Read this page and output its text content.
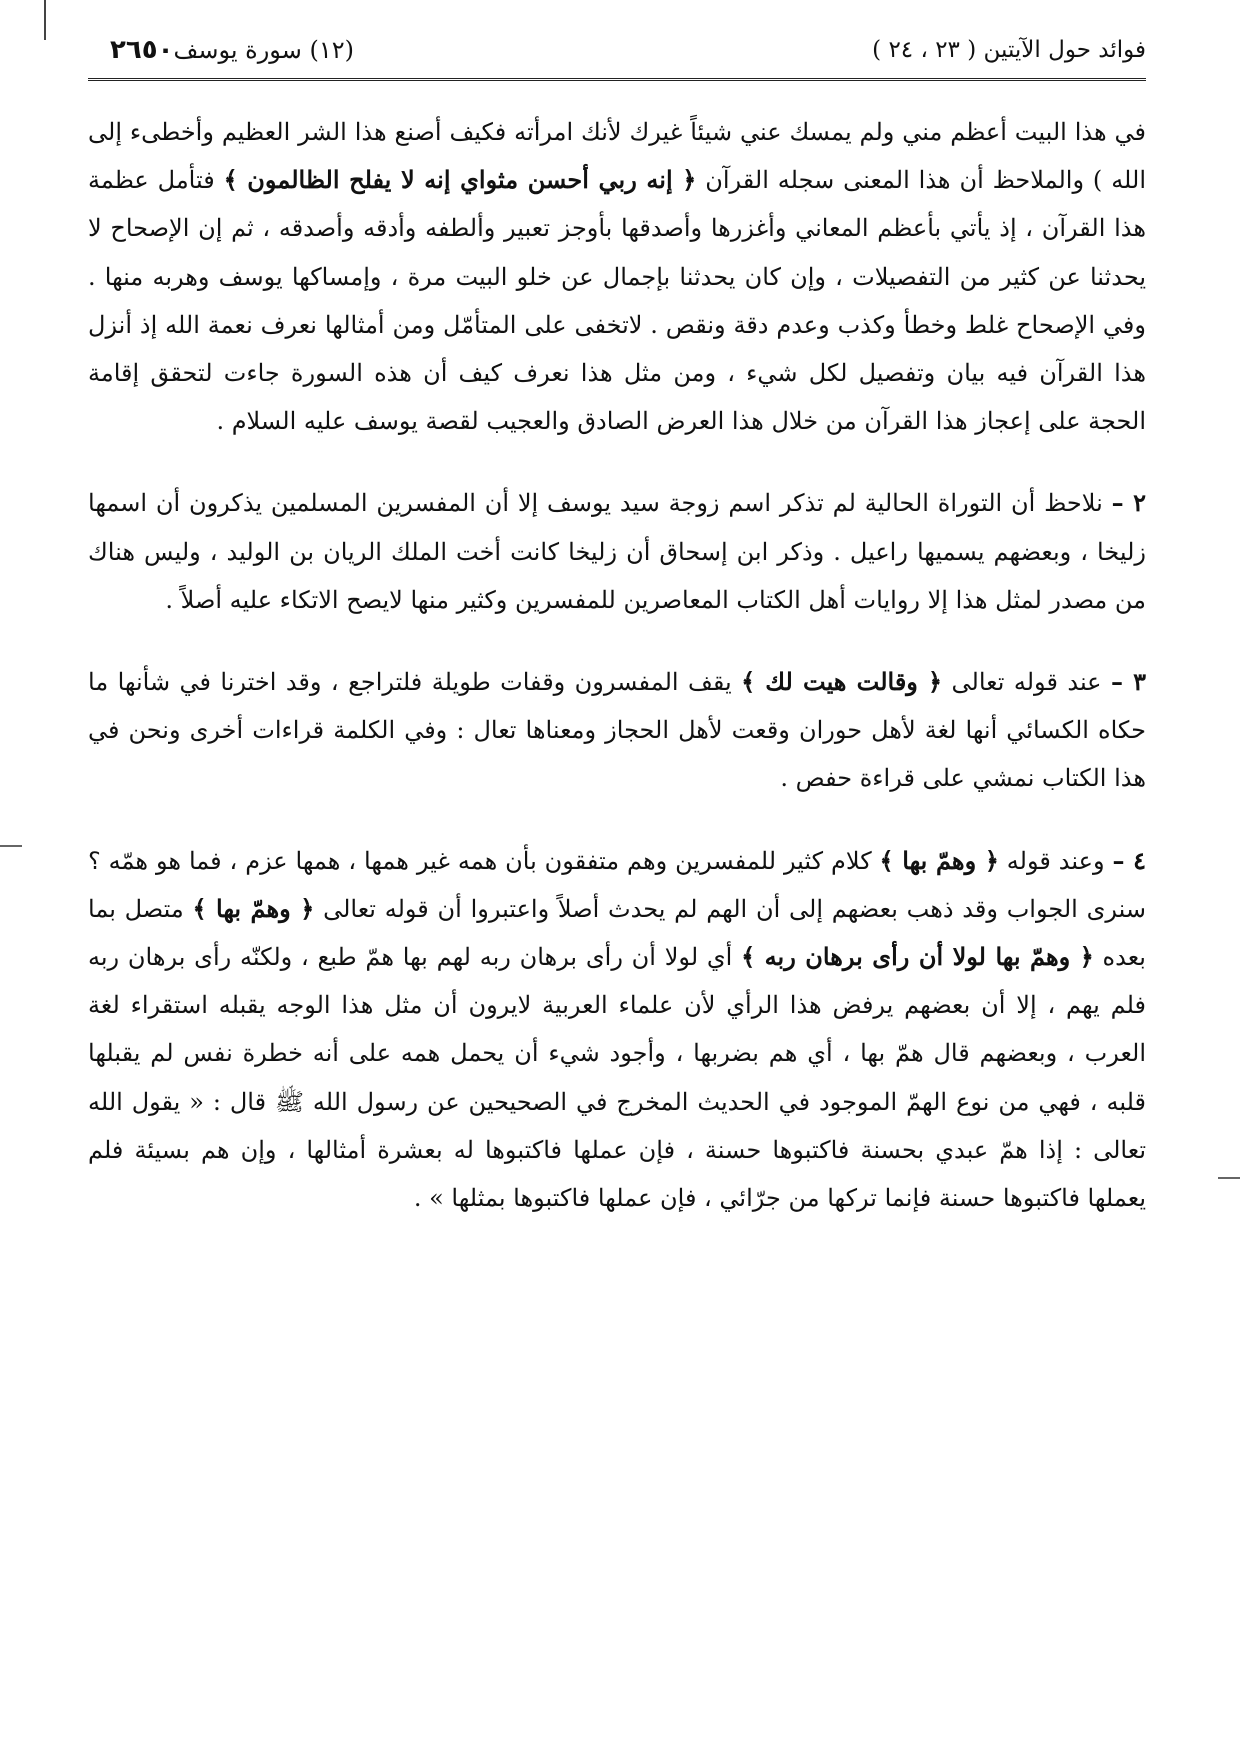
٢٦٥٠ (١٢) سورة يوسف	فوائد حول الآيتين ( ٢٣ ، ٢٤ )

في هذا البيت أعظم مني ولم يمسك عني شيئاً غيرك لأنك امرأته فكيف أصنع هذا الشر العظيم وأخطىء إلى الله ) والملاحظ أن هذا المعنى سجله القرآن ﴿ إنه ربي أحسن مثواي إنه لا يفلح الظالمون ﴾ فتأمل عظمة هذا القرآن ، إذ يأتي بأعظم المعاني وأغزرها وأصدقها بأوجز تعبير وألطفه وأدقه وأصدقه ، ثم إن الإصحاح لا يحدثنا عن كثير من التفصيلات ، وإن كان يحدثنا بإجمال عن خلو البيت مرة ، وإمساكها يوسف وهربه منها . وفي الإصحاح غلط وخطأ وكذب وعدم دقة ونقص . لاتخفى على المتأمّل ومن أمثالها نعرف نعمة الله إذ أنزل هذا القرآن فيه بيان وتفصيل لكل شيء ، ومن مثل هذا نعرف كيف أن هذه السورة جاءت لتحقق إقامة الحجة على إعجاز هذا القرآن من خلال هذا العرض الصادق والعجيب لقصة يوسف عليه السلام .

٢ – نلاحظ أن التوراة الحالية لم تذكر اسم زوجة سيد يوسف إلا أن المفسرين المسلمين يذكرون أن اسمها زليخا ، وبعضهم يسميها راعيل . وذكر ابن إسحاق أن زليخا كانت أخت الملك الريان بن الوليد ، وليس هناك من مصدر لمثل هذا إلا روايات أهل الكتاب المعاصرين للمفسرين وكثير منها لايصح الاتكاء عليه أصلاً .

٣ – عند قوله تعالى ﴿ وقالت هيت لك ﴾ يقف المفسرون وقفات طويلة فلتراجع ، وقد اخترنا في شأنها ما حكاه الكسائي أنها لغة لأهل حوران وقعت لأهل الحجاز ومعناها تعال : وفي الكلمة قراءات أخرى ونحن في هذا الكتاب نمشي على قراءة حفص .

٤ – وعند قوله ﴿ وهمّ بها ﴾ كلام كثير للمفسرين وهم متفقون بأن همه غير همها ، همها عزم ، فما هو همّه ؟ سنرى الجواب وقد ذهب بعضهم إلى أن الهم لم يحدث أصلاً واعتبروا أن قوله تعالى ﴿ وهمّ بها ﴾ متصل بما بعده ﴿ وهمّ بها لولا أن رأى برهان ربه ﴾ أي لولا أن رأى برهان ربه لهم بها همّ طبع ، ولكنّه رأى برهان ربه فلم يهم ، إلا أن بعضهم يرفض هذا الرأي لأن علماء العربية لايرون أن مثل هذا الوجه يقبله استقراء لغة العرب ، وبعضهم قال همّ بها ، أي هم بضربها ، وأجود شيء أن يحمل همه على أنه خطرة نفس لم يقبلها قلبه ، فهي من نوع الهمّ الموجود في الحديث المخرج في الصحيحين عن رسول الله ﷺ قال : « يقول الله تعالى : إذا همّ عبدي بحسنة فاكتبوها حسنة ، فإن عملها فاكتبوها له بعشرة أمثالها ، وإن هم بسيئة فلم يعملها فاكتبوها حسنة فإنما تركها من جرّائي ، فإن عملها فاكتبوها بمثلها » .
